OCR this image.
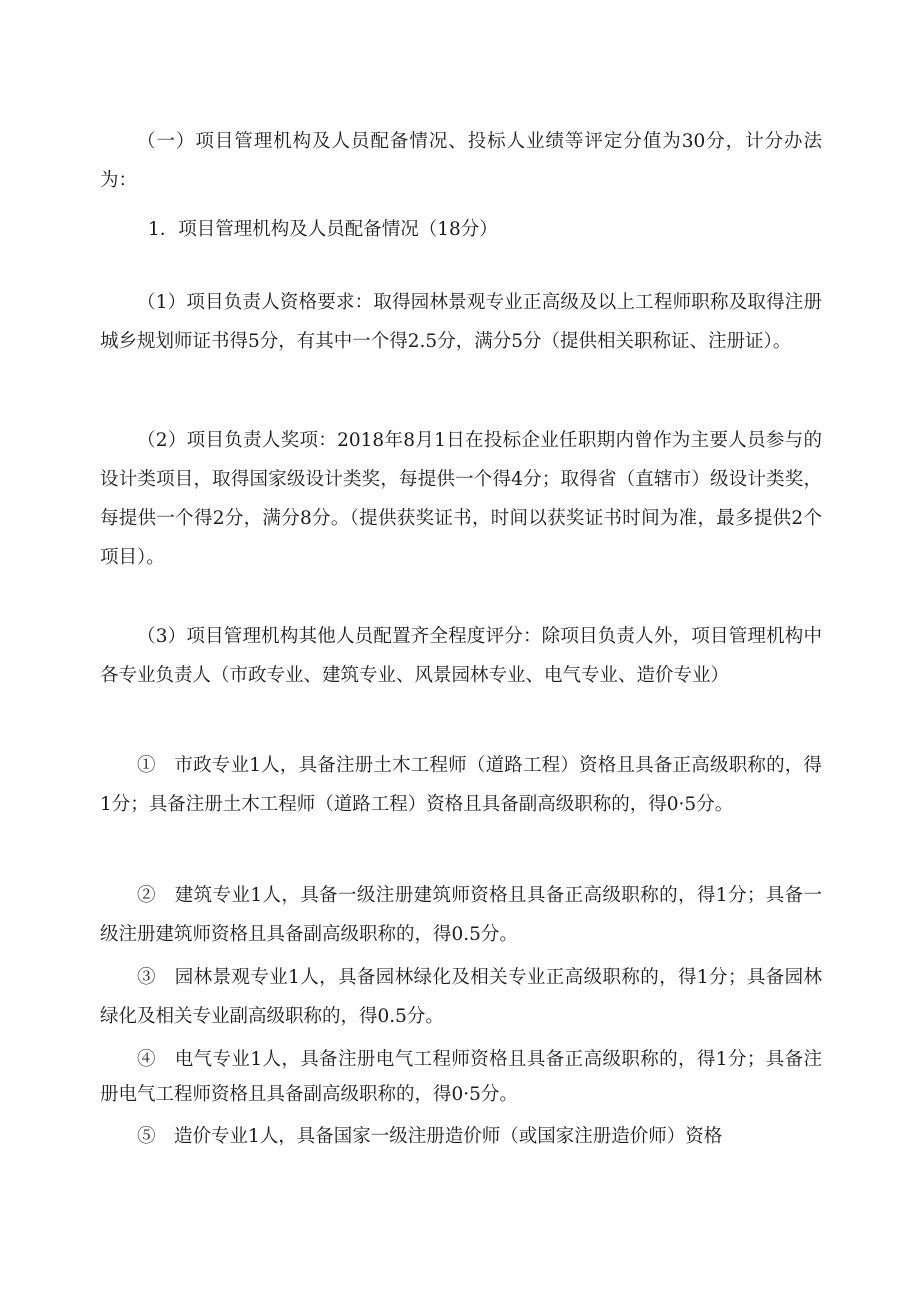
（一）项目管理机构及人员配备情况、投标人业绩等评定分值为30分，计分办法为：

1．项目管理机构及人员配备情况（18分）

（1）项目负责人资格要求：取得园林景观专业正高级及以上工程师职称及取得注册城乡规划师证书得5分，有其中一个得2.5分，满分5分（提供相关职称证、注册证）。

（2）项目负责人奖项：2018年8月1日在投标企业任职期内曾作为主要人员参与的设计类项目，取得国家级设计类奖，每提供一个得4分；取得省（直辖市）级设计类奖，每提供一个得2分，满分8分。（提供获奖证书，时间以获奖证书时间为准，最多提供2个项目）。

（3）项目管理机构其他人员配置齐全程度评分：除项目负责人外，项目管理机构中各专业负责人（市政专业、建筑专业、风景园林专业、电气专业、造价专业）

①　市政专业1人，具备注册土木工程师（道路工程）资格且具备正高级职称的，得1分；具备注册土木工程师（道路工程）资格且具备副高级职称的，得0·5分。

②　建筑专业1人，具备一级注册建筑师资格且具备正高级职称的，得1分；具备一级注册建筑师资格且具备副高级职称的，得0.5分。

③　园林景观专业1人，具备园林绿化及相关专业正高级职称的，得1分；具备园林绿化及相关专业副高级职称的，得0.5分。

④　电气专业1人，具备注册电气工程师资格且具备正高级职称的，得1分；具备注册电气工程师资格且具备副高级职称的，得0·5分。

⑤　造价专业1人，具备国家一级注册造价师（或国家注册造价师）资格
